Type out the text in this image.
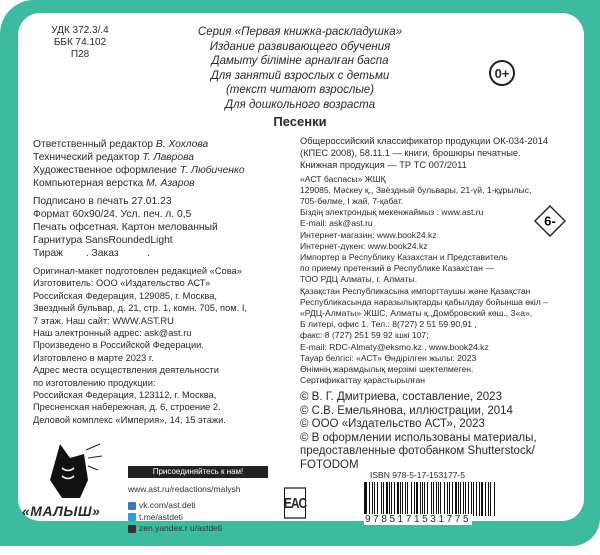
УДК 372.3/.4
ББК 74.102
П28
Серия «Первая книжка-раскладушка»
Издание развивающего обучения
Дамыту біліміне арналған баспа
Для занятий взрослых с детьми
(текст читают взрослые)
Для дошкольного возраста
Песенки
0+
Ответственный редактор В. Хохлова
Технический редактор Т. Лаврова
Художественное оформление Т. Любиченко
Компьютерная верстка М. Азаров
Подписано в печать 27.01.23
Формат 60х90/24. Усл. печ. л. 0,5
Печать офсетная. Картон мелованный
Гарнитура SansRoundedLight
Тираж        . Заказ          .
Оригинал-макет подготовлен редакцией «Сова»
Изготовитель: ООО «Издательство АСТ»
Российская Федерация, 129085, г. Москва,
Звездный бульвар, д. 21, стр. 1, комн. 705, пом. I,
7 этаж. Наш сайт: WWW.AST.RU
Наш электронный адрес: ask@ast.ru
Произведено в Российской Федерации.
Изготовлено в марте 2023 г.
Адрес места осуществления деятельности
по изготовлению продукции:
Российская Федерация, 123112, г. Москва,
Пресненская набережная, д. 6, строение 2.
Деловой комплекс «Империя», 14, 15 этажи.
Общероссийский классификатор продукции ОК-034-2014
(КПЕС 2008), 58.11.1 — книги, брошюры печатные.
Книжная продукция — ТР ТС 007/2011
«АСТ баспасы» ЖШҚ
129085, Мәскеу қ., Звёздный бульвары, 21-үй, 1-құрылыс,
705-бөлме, I жай, 7-қабат.
Біздің электрондық мекенжаймыз : www.ast.ru
E-mail: ask@ast.ru
Интернет-магазин: www.book24.kz
Интернет-дүкен: www.book24.kz
Импортер в Республику Казахстан и Представитель
по приему претензий в Республике Казахстан —
ТОО РДЦ Алматы, г. Алматы.
Қазақстан Республикасына импорттаушы және Қазақстан
Республикасында наразылықтарды қабылдау бойынша өкіл –
«РДЦ-Алматы» ЖШС, Алматы қ.,Домбровский көш., 3«а»,
Б литері, офис 1. Тел.: 8(727) 2 51 59 90,91 ,
факс: 8 (727) 251 59 92 ішкі 107;
E-mail: RDC-Almaty@eksmo.kz , www.book24.kz
Тауар белгісі: «АСТ» Өндірілген жылы: 2023
Өнімнің жарамдылық мерзімі шектелмеген.
Сертификаттау қарастырылған
© В. Г. Дмитриева, составление, 2023
© С.В. Емельянова, иллюстрации, 2014
© ООО «Издательство АСТ», 2023
© В оформлении использованы материалы,
предоставленные фотобанком Shutterstock/
FOTODOM
6-
«МАЛЫШ»
Присоединяйтесь к нам!
www.ast.ru/redactions/malysh
vk.com/ast.deti
t.me/astdeti
zen.yandex.r u/astdeti
EAC
ISBN 978-5-17-153177-5
9785171531775
